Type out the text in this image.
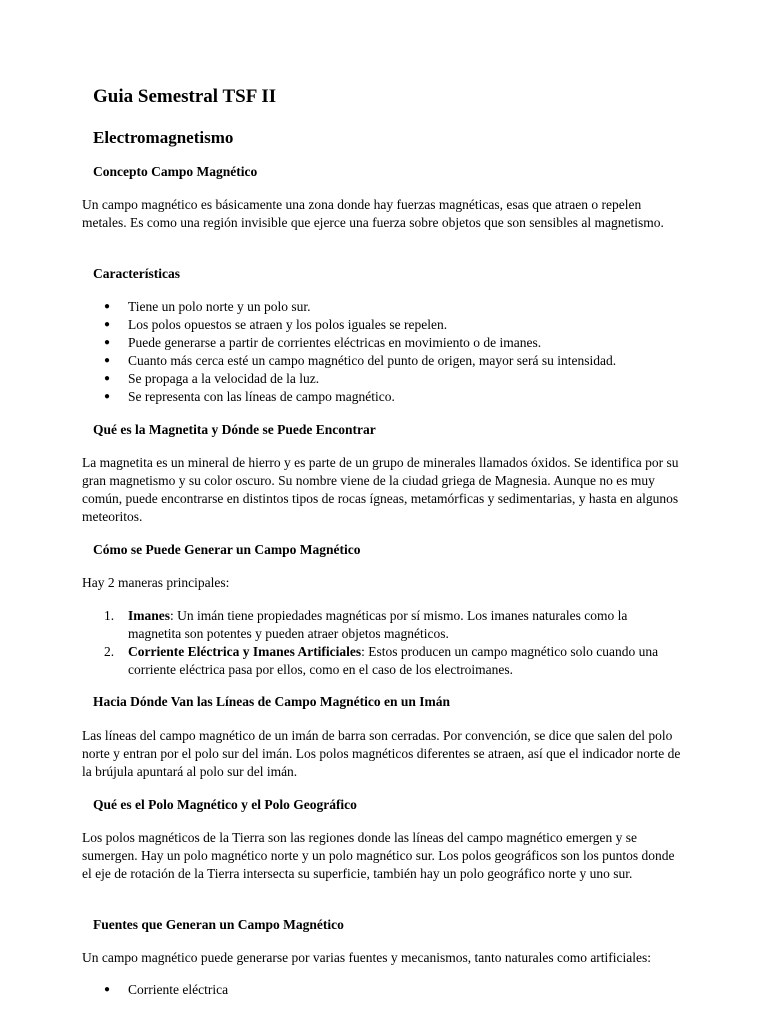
Guia Semestral TSF II
Electromagnetismo
Concepto Campo Magnético

Un campo magnético es básicamente una zona donde hay fuerzas magnéticas, esas que atraen o repelen metales. Es como una región invisible que ejerce una fuerza sobre objetos que son sensibles al magnetismo.

Características
● Tiene un polo norte y un polo sur.
● Los polos opuestos se atraen y los polos iguales se repelen.
● Puede generarse a partir de corrientes eléctricas en movimiento o de imanes.
● Cuanto más cerca esté un campo magnético del punto de origen, mayor será su intensidad.
● Se propaga a la velocidad de la luz.
● Se representa con las líneas de campo magnético.
Qué es la Magnetita y Dónde se Puede Encontrar

La magnetita es un mineral de hierro y es parte de un grupo de minerales llamados óxidos. Se identifica por su gran magnetismo y su color oscuro. Su nombre viene de la ciudad griega de Magnesia. Aunque no es muy común, puede encontrarse en distintos tipos de rocas ígneas, metamórficas y sedimentarias, y hasta en algunos meteoritos.

Cómo se Puede Generar un Campo Magnético

Hay 2 maneras principales:

1. Imanes: Un imán tiene propiedades magnéticas por sí mismo. Los imanes naturales como la magnetita son potentes y pueden atraer objetos magnéticos.
2. Corriente Eléctrica y Imanes Artificiales: Estos producen un campo magnético solo cuando una corriente eléctrica pasa por ellos, como en el caso de los electroimanes.
Hacia Dónde Van las Líneas de Campo Magnético en un Imán

Las líneas del campo magnético de un imán de barra son cerradas. Por convención, se dice que salen del polo norte y entran por el polo sur del imán. Los polos magnéticos diferentes se atraen, así que el indicador norte de la brújula apuntará al polo sur del imán.

Qué es el Polo Magnético y el Polo Geográfico

Los polos magnéticos de la Tierra son las regiones donde las líneas del campo magnético emergen y se sumergen. Hay un polo magnético norte y un polo magnético sur. Los polos geográficos son los puntos donde el eje de rotación de la Tierra intersecta su superficie, también hay un polo geográfico norte y uno sur.

Fuentes que Generan un Campo Magnético

Un campo magnético puede generarse por varias fuentes y mecanismos, tanto naturales como artificiales:

● Corriente eléctrica
